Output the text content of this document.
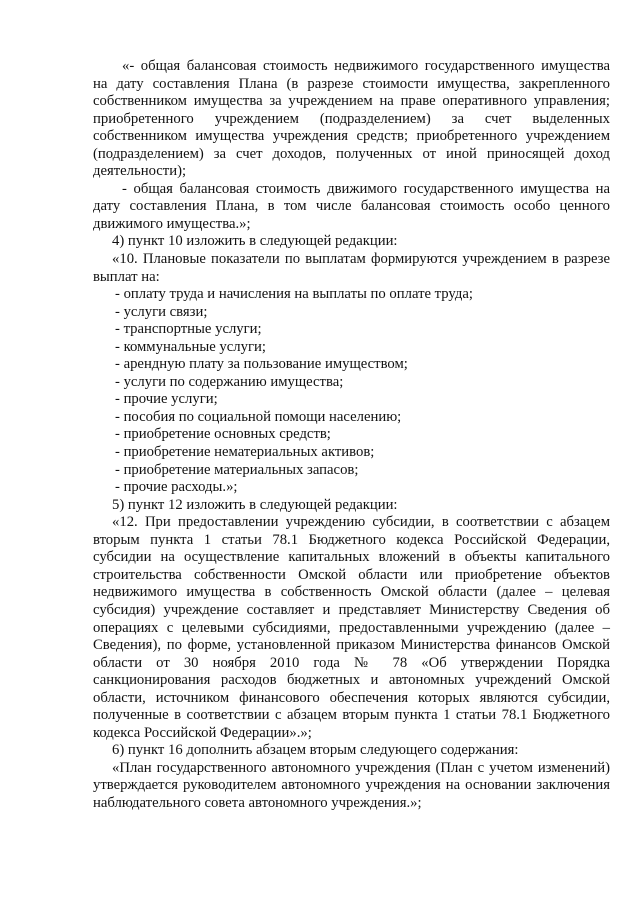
«- общая балансовая стоимость недвижимого государственного имущества на дату составления Плана (в разрезе стоимости имущества, закрепленного собственником имущества за учреждением на праве оперативного управления; приобретенного учреждением (подразделением) за счет выделенных собственником имущества учреждения средств; приобретенного учреждением (подразделением) за счет доходов, полученных от иной приносящей доход деятельности);

- общая балансовая стоимость движимого государственного имущества на дату составления Плана, в том числе балансовая стоимость особо ценного движимого имущества.»;

4) пункт 10 изложить в следующей редакции:

«10. Плановые показатели по выплатам формируются учреждением в разрезе выплат на:

- оплату труда и начисления на выплаты по оплате труда;

- услуги связи;

- транспортные услуги;

- коммунальные услуги;

- арендную плату за пользование имуществом;

- услуги по содержанию имущества;

- прочие услуги;

- пособия по социальной помощи населению;

- приобретение основных средств;

- приобретение нематериальных активов;

- приобретение материальных запасов;

- прочие расходы.»;

5) пункт 12 изложить в следующей редакции:

«12. При предоставлении учреждению субсидии, в соответствии с абзацем вторым пункта 1 статьи 78.1 Бюджетного кодекса Российской Федерации, субсидии на осуществление капитальных вложений в объекты капитального строительства собственности Омской области или приобретение объектов недвижимого имущества в собственность Омской области (далее – целевая субсидия) учреждение составляет и представляет Министерству Сведения об операциях с целевыми субсидиями, предоставленными учреждению (далее – Сведения), по форме, установленной приказом Министерства финансов Омской области от 30 ноября 2010 года № 78 «Об утверждении Порядка санкционирования расходов бюджетных и автономных учреждений Омской области, источником финансового обеспечения которых являются субсидии, полученные в соответствии с абзацем вторым пункта 1 статьи 78.1 Бюджетного кодекса Российской Федерации».»;

6) пункт 16 дополнить абзацем вторым следующего содержания:

«План государственного автономного учреждения (План с учетом изменений) утверждается руководителем автономного учреждения на основании заключения наблюдательного совета автономного учреждения.»;
